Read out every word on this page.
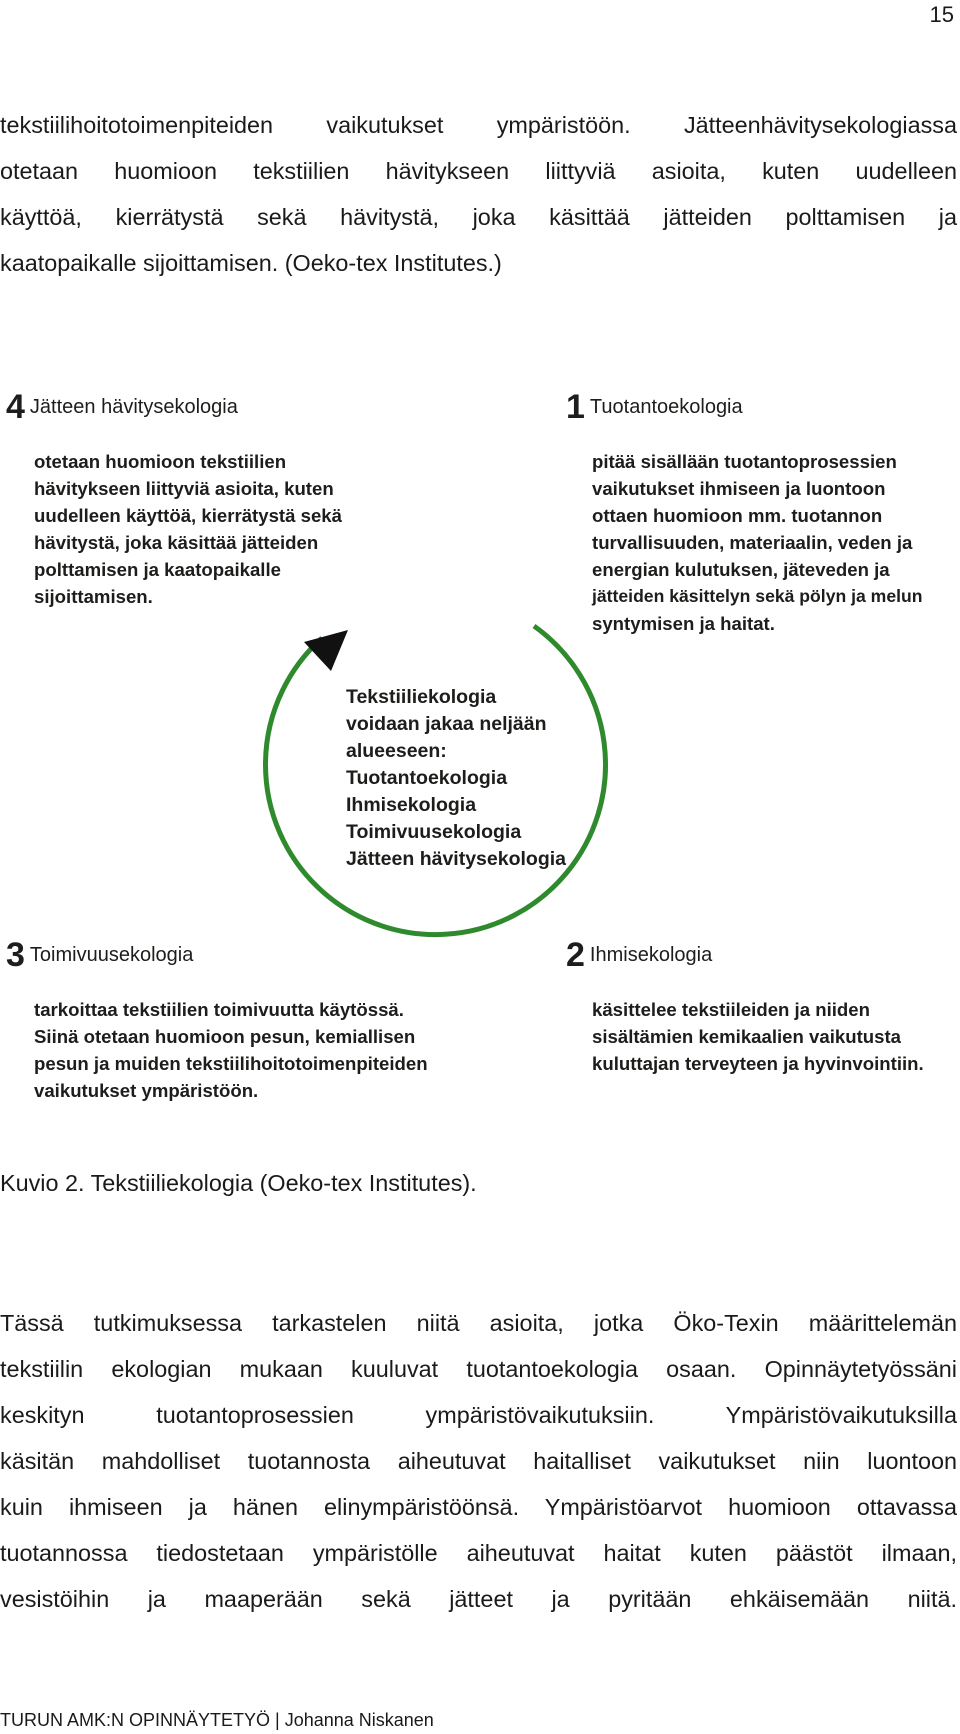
15
tekstiilihoitotoimenpiteiden vaikutukset ympäristöön. Jätteenhävitysekologiassa
otetaan huomioon tekstiilien hävitykseen liittyviä asioita, kuten uudelleen
käyttöä, kierrätystä sekä hävitystä, joka käsittää jätteiden polttamisen ja
kaatopaikalle sijoittamisen. (Oeko-tex Institutes.)
4 Jätteen hävitysekologia
otetaan huomioon tekstiilien
hävitykseen liittyviä asioita, kuten
uudelleen käyttöä, kierrätystä sekä
hävitystä, joka käsittää jätteiden
polttamisen ja kaatopaikalle
sijoittamisen.
1 Tuotantoekologia
pitää sisällään tuotantoprosessien
vaikutukset ihmiseen ja luontoon
ottaen huomioon mm. tuotannon
turvallisuuden, materiaalin, veden ja
energian kulutuksen, jäteveden ja
jätteiden käsittelyn sekä pölyn ja melun
syntymisen ja haitat.
Tekstiiliekologia
voidaan jakaa neljään
alueeseen:
Tuotantoekologia
Ihmisekologia
Toimivuusekologia
Jätteen hävitysekologia
3 Toimivuusekologia
tarkoittaa tekstiilien toimivuutta käytössä.
Siinä otetaan huomioon pesun, kemiallisen
pesun ja muiden tekstiilihoitotoimenpiteiden
vaikutukset ympäristöön.
2 Ihmisekologia
käsittelee tekstiileiden ja niiden
sisältämien kemikaalien vaikutusta
kuluttajan terveyteen ja hyvinvointiin.
Kuvio 2. Tekstiiliekologia (Oeko-tex Institutes).
Tässä tutkimuksessa tarkastelen niitä asioita, jotka Öko-Texin määrittelemän
tekstiilin ekologian mukaan kuuluvat tuotantoekologia osaan. Opinnäytetyössäni
keskityn tuotantoprosessien ympäristövaikutuksiin. Ympäristövaikutuksilla
käsitän mahdolliset tuotannosta aiheutuvat haitalliset vaikutukset niin luontoon
kuin ihmiseen ja hänen elinympäristöönsä. Ympäristöarvot huomioon ottavassa
tuotannossa tiedostetaan ympäristölle aiheutuvat haitat kuten päästöt ilmaan,
vesistöihin ja maaperään sekä jätteet ja pyritään ehkäisemään niitä.
TURUN AMK:N OPINNÄYTETYÖ | Johanna Niskanen
